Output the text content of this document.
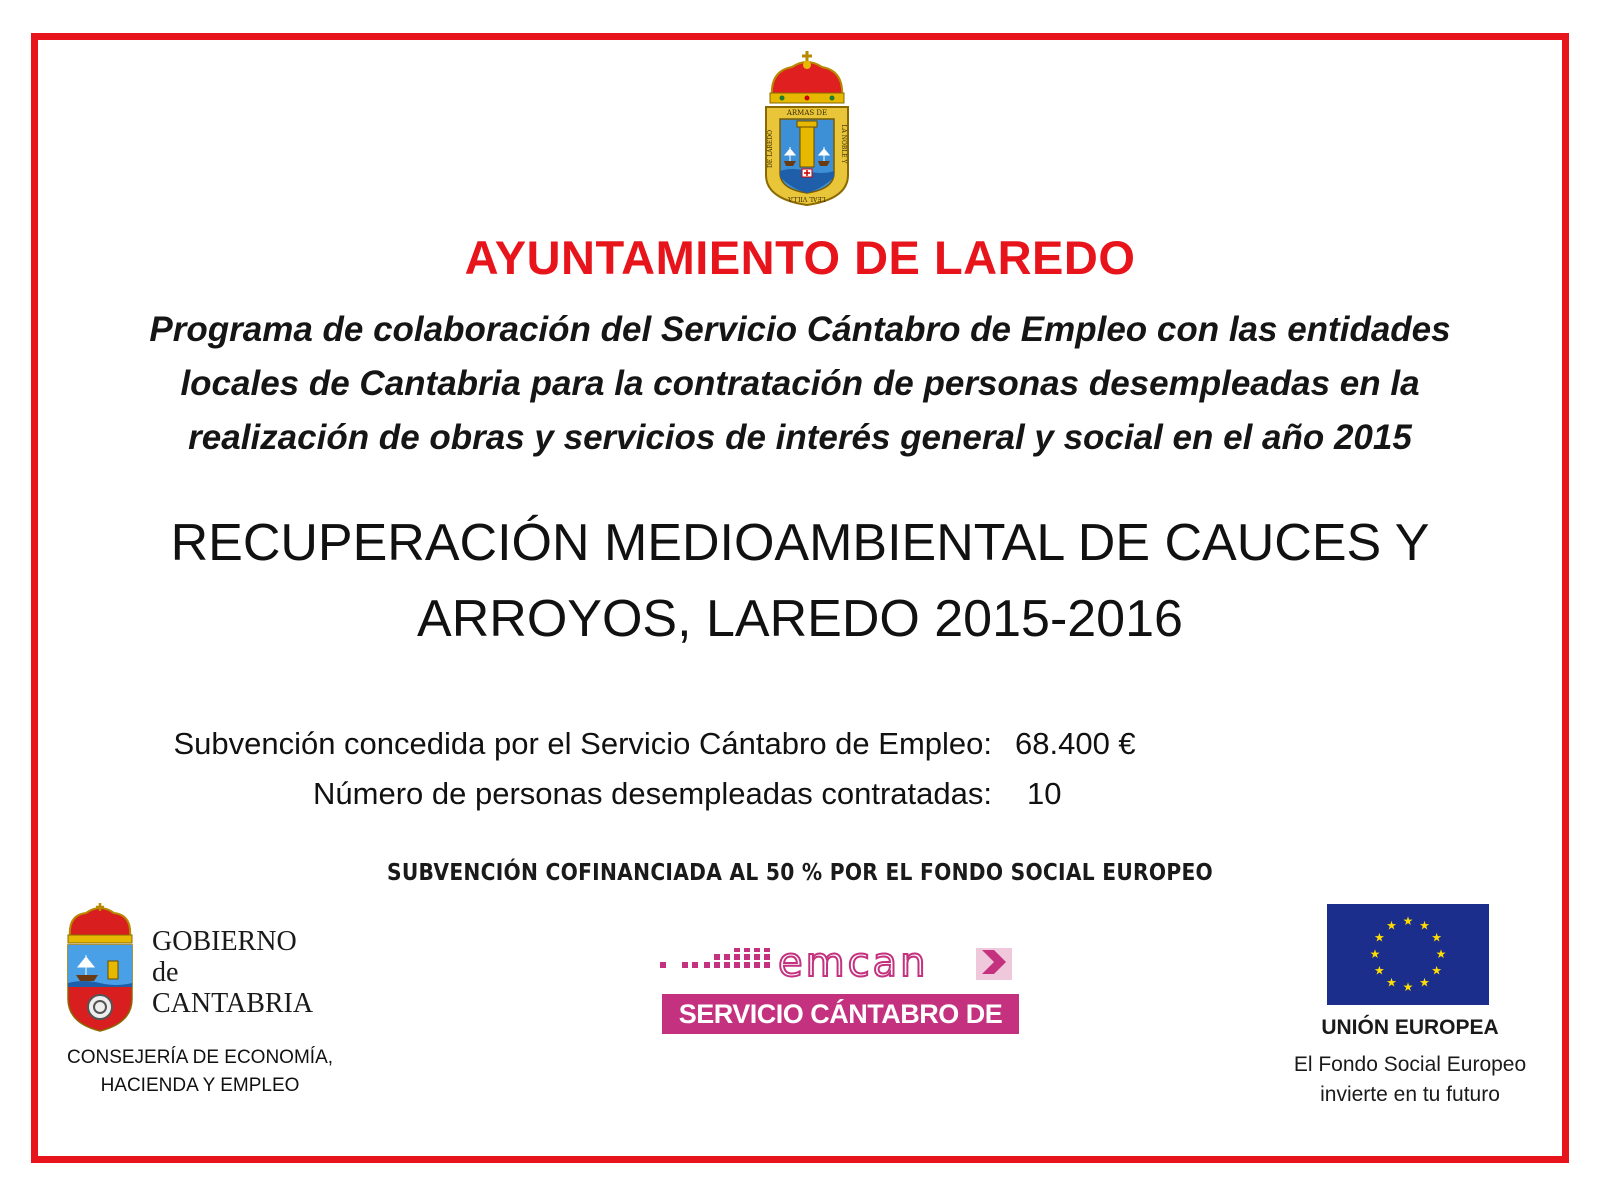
ARMAS DE
LA NOBLE Y
DE LAREDO
LEAL VILLA
AYUNTAMIENTO DE LAREDO
Programa de colaboración del Servicio Cántabro de Empleo con las entidades
locales de Cantabria para la contratación de personas desempleadas en la
realización de obras y servicios de interés general y social en el año 2015
RECUPERACIÓN MEDIOAMBIENTAL DE CAUCES Y
ARROYOS, LAREDO 2015-2016
Subvención concedida por el Servicio Cántabro de Empleo: 68.400 €
Número de personas desempleadas contratadas: 10
SUBVENCIÓN COFINANCIADA AL 50 % POR EL FONDO SOCIAL EUROPEO
GOBIERNO
de
CANTABRIA
CONSEJERÍA DE ECONOMÍA,
HACIENDA Y EMPLEO
emcan
SERVICIO CÁNTABRO DE EMPLEO
★ ★
★
★
★
★
★
★
★
★
★
★
UNIÓN EUROPEA
El Fondo Social Europeo
invierte en tu futuro
